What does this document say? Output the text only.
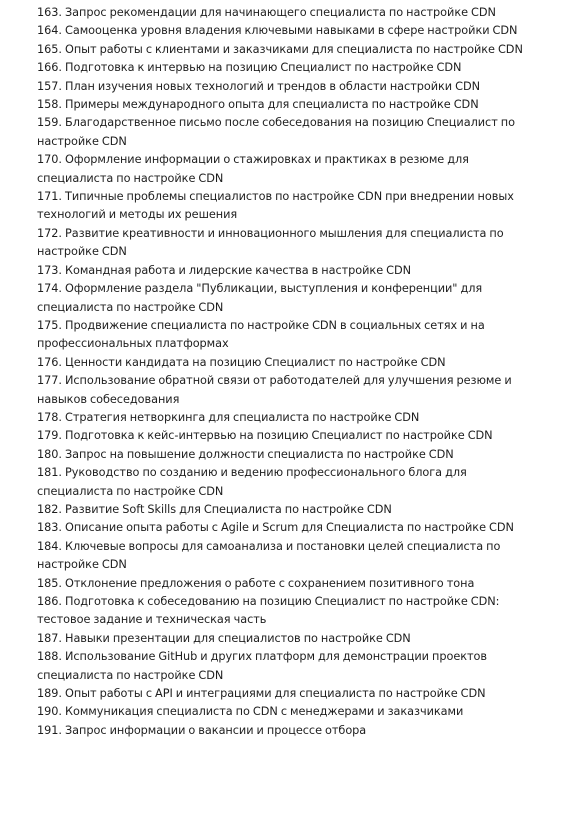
163. Запрос рекомендации для начинающего специалиста по настройке CDN
164. Самооценка уровня владения ключевыми навыками в сфере настройки CDN
165. Опыт работы с клиентами и заказчиками для специалиста по настройке CDN
166. Подготовка к интервью на позицию Специалист по настройке CDN
157. План изучения новых технологий и трендов в области настройки CDN
158. Примеры международного опыта для специалиста по настройке CDN
159. Благодарственное письмо после собеседования на позицию Специалист по настройке CDN
170. Оформление информации о стажировках и практиках в резюме для специалиста по настройке CDN
171. Типичные проблемы специалистов по настройке CDN при внедрении новых технологий и методы их решения
172. Развитие креативности и инновационного мышления для специалиста по настройке CDN
173. Командная работа и лидерские качества в настройке CDN
174. Оформление раздела "Публикации, выступления и конференции" для специалиста по настройке CDN
175. Продвижение специалиста по настройке CDN в социальных сетях и на профессиональных платформах
176. Ценности кандидата на позицию Специалист по настройке CDN
177. Использование обратной связи от работодателей для улучшения резюме и навыков собеседования
178. Стратегия нетворкинга для специалиста по настройке CDN
179. Подготовка к кейс-интервью на позицию Специалист по настройке CDN
180. Запрос на повышение должности специалиста по настройке CDN
181. Руководство по созданию и ведению профессионального блога для специалиста по настройке CDN
182. Развитие Soft Skills для Специалиста по настройке CDN
183. Описание опыта работы с Agile и Scrum для Специалиста по настройке CDN
184. Ключевые вопросы для самоанализа и постановки целей специалиста по настройке CDN
185. Отклонение предложения о работе с сохранением позитивного тона
186. Подготовка к собеседованию на позицию Специалист по настройке CDN: тестовое задание и техническая часть
187. Навыки презентации для специалистов по настройке CDN
188. Использование GitHub и других платформ для демонстрации проектов специалиста по настройке CDN
189. Опыт работы с API и интеграциями для специалиста по настройке CDN
190. Коммуникация специалиста по CDN с менеджерами и заказчиками
191. Запрос информации о вакансии и процессе отбора
